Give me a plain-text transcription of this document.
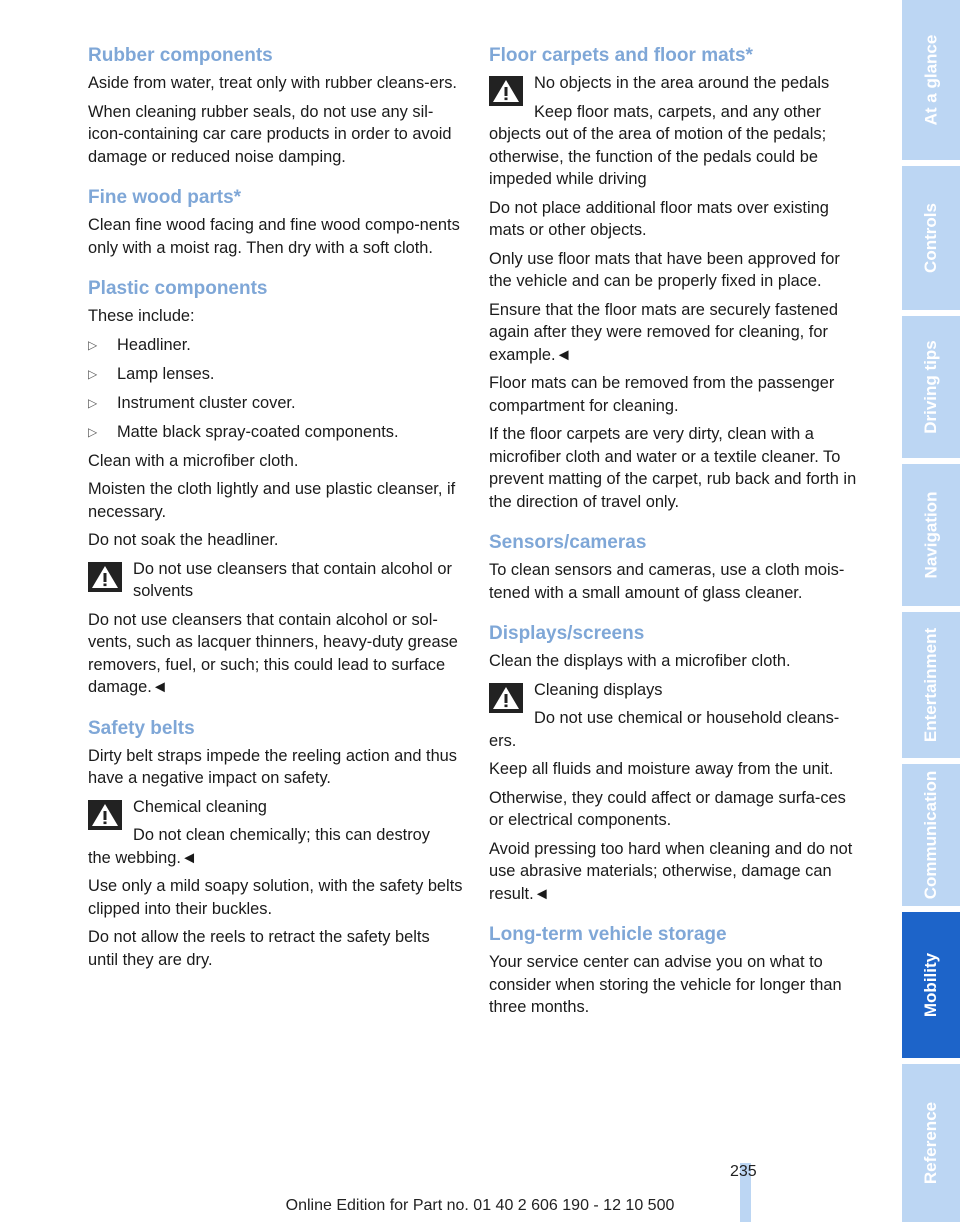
Rubber components

Aside from water, treat only with rubber cleans-ers.

When cleaning rubber seals, do not use any sil-icon-containing car care products in order to avoid damage or reduced noise damping.

Fine wood parts*

Clean fine wood facing and fine wood compo-nents only with a moist rag. Then dry with a soft cloth.

Plastic components

These include:

▷ Headliner.
▷ Lamp lenses.
▷ Instrument cluster cover.
▷ Matte black spray-coated components.

Clean with a microfiber cloth.

Moisten the cloth lightly and use plastic cleanser, if necessary.

Do not soak the headliner.

Do not use cleansers that contain alcohol or solvents

Do not use cleansers that contain alcohol or sol-vents, such as lacquer thinners, heavy-duty grease removers, fuel, or such; this could lead to surface damage.◄

Safety belts

Dirty belt straps impede the reeling action and thus have a negative impact on safety.

Chemical cleaning

Do not clean chemically; this can destroy

the webbing.◄

Use only a mild soapy solution, with the safety belts clipped into their buckles.

Do not allow the reels to retract the safety belts until they are dry.

Floor carpets and floor mats*

No objects in the area around the pedals

Keep floor mats, carpets, and any other

objects out of the area of motion of the pedals; otherwise, the function of the pedals could be impeded while driving

Do not place additional floor mats over existing mats or other objects.

Only use floor mats that have been approved for the vehicle and can be properly fixed in place.

Ensure that the floor mats are securely fastened again after they were removed for cleaning, for example.◄

Floor mats can be removed from the passenger compartment for cleaning.

If the floor carpets are very dirty, clean with a microfiber cloth and water or a textile cleaner. To prevent matting of the carpet, rub back and forth in the direction of travel only.

Sensors/cameras

To clean sensors and cameras, use a cloth mois-tened with a small amount of glass cleaner.

Displays/screens

Clean the displays with a microfiber cloth.

Cleaning displays

Do not use chemical or household cleans-

ers.

Keep all fluids and moisture away from the unit.

Otherwise, they could affect or damage surfa-ces or electrical components.

Avoid pressing too hard when cleaning and do not use abrasive materials; otherwise, damage can result.◄

Long-term vehicle storage

Your service center can advise you on what to consider when storing the vehicle for longer than three months.

235
Online Edition for Part no. 01 40 2 606 190 - 12 10 500
At a glance
Controls
Driving tips
Navigation
Entertainment
Communication
Mobility
Reference
